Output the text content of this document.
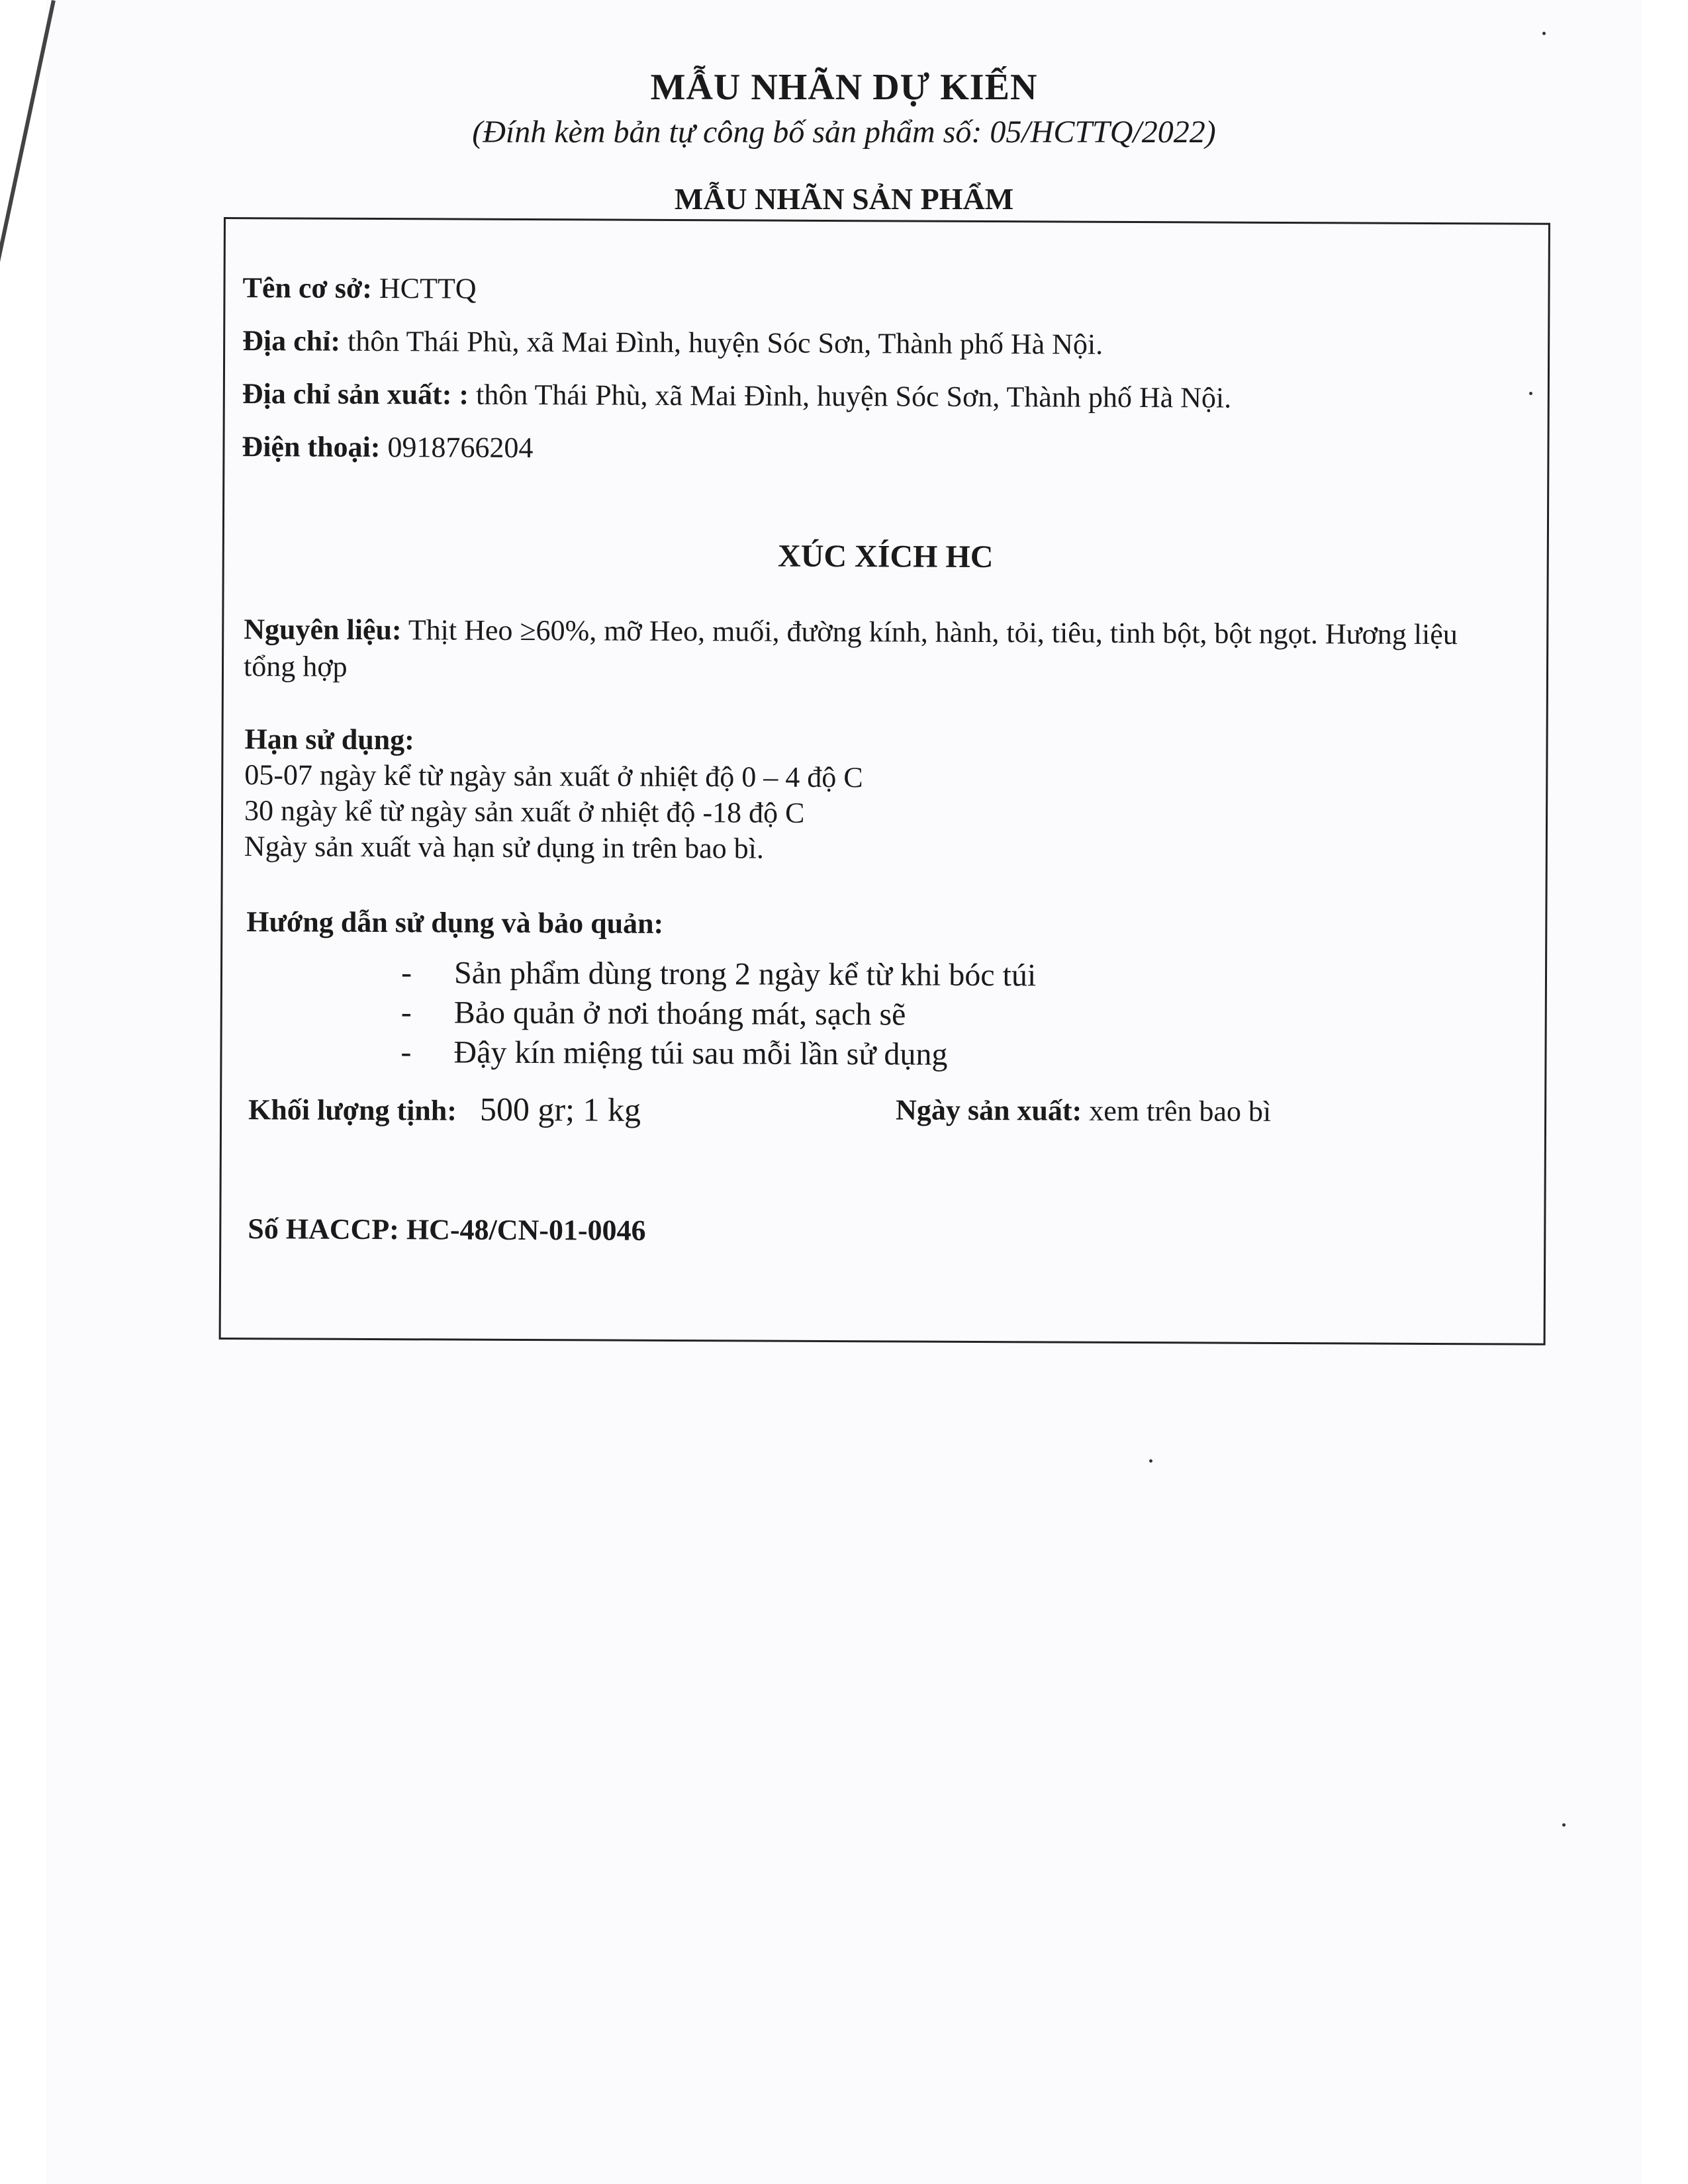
MẪU NHÃN DỰ KIẾN
(Đính kèm bản tự công bố sản phẩm số: 05/HCTTQ/2022)
MẪU NHÃN SẢN PHẨM
Tên cơ sở: HCTTQ
Địa chỉ: thôn Thái Phù, xã Mai Đình, huyện Sóc Sơn, Thành phố Hà Nội.
Địa chỉ sản xuất: : thôn Thái Phù, xã Mai Đình, huyện Sóc Sơn, Thành phố Hà Nội.
Điện thoại: 0918766204
XÚC XÍCH HC
Nguyên liệu: Thịt Heo ≥60%, mỡ Heo, muối, đường kính, hành, tỏi, tiêu, tinh bột, bột ngọt. Hương liệu
tổng hợp
Hạn sử dụng:
05-07 ngày kể từ ngày sản xuất ở nhiệt độ 0 – 4 độ C
30 ngày kể từ ngày sản xuất ở nhiệt độ -18 độ C
Ngày sản xuất và hạn sử dụng in trên bao bì.
Hướng dẫn sử dụng và bảo quản:
- Sản phẩm dùng trong 2 ngày kể từ khi bóc túi
- Bảo quản ở nơi thoáng mát, sạch sẽ
- Đậy kín miệng túi sau mỗi lần sử dụng
Khối lượng tịnh: 500 gr; 1 kg	Ngày sản xuất: xem trên bao bì
Số HACCP: HC-48/CN-01-0046
